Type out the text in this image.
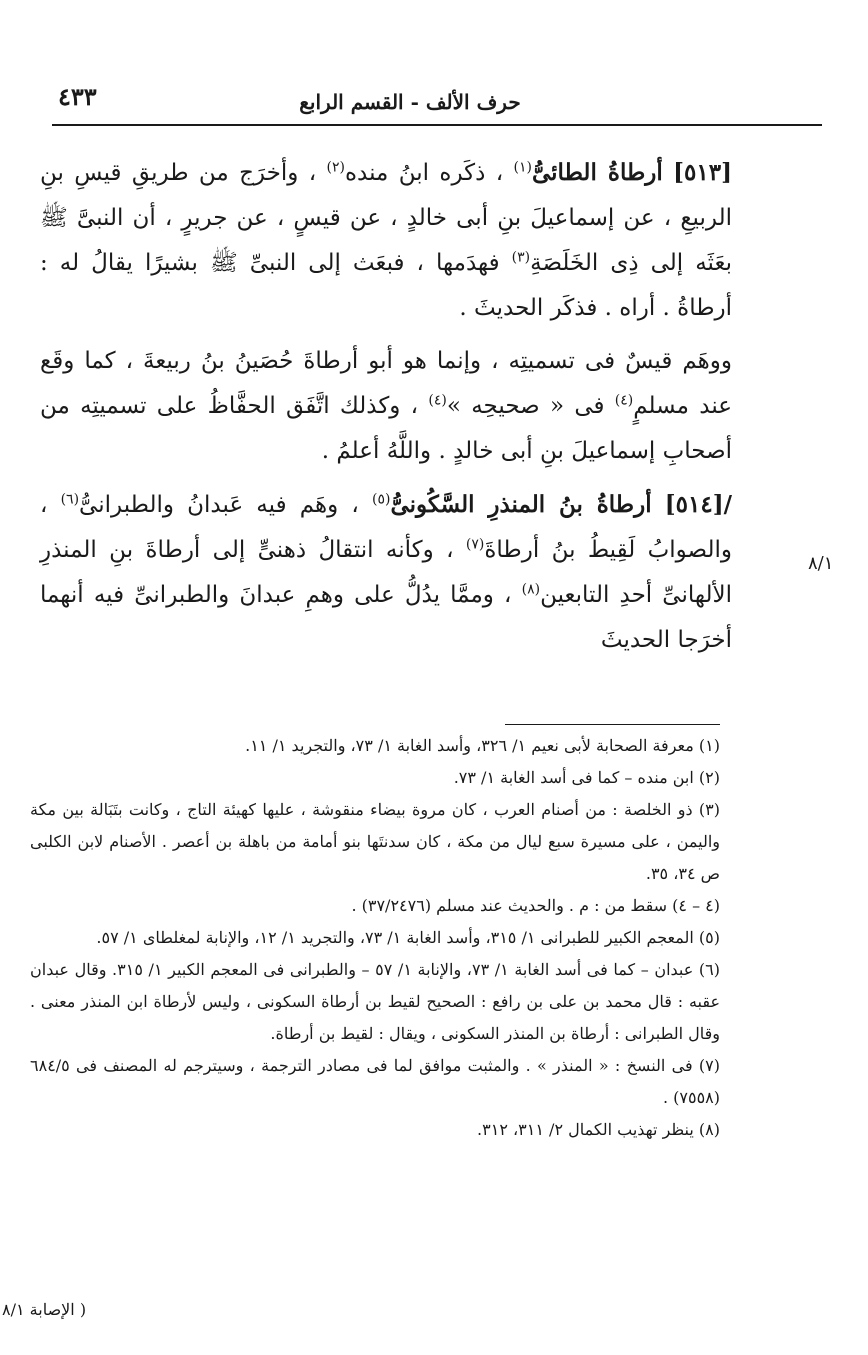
٤٣٣	حرف الألف - القسم الرابع

[٥١٣] أرطاةُ الطائىُّ$^{(١)}$ ، ذكَره ابنُ منده$^{(٢)}$ ، وأخرَج من طريقِ قيسِ بنِ الربيعِ ، عن إسماعيلَ بنِ أبى خالدٍ ، عن قيسٍ ، عن جريرٍ ، أن النبىَّ ﷺ بعَثَه إلى ذِى الخَلَصَةِ$^{(٣)}$ فهدَمها ، فبعَث إلى النبىِّ ﷺ بشيرًا يقالُ له : أرطاةُ . أراه . فذكَر الحديثَ .

ووهَم قيسٌ فى تسميتِه ، وإنما هو أبو أرطاةَ حُصَينُ بنُ ربيعةَ ، كما وقَع عند مسلمٍ$^{(٤)}$ فى « صحيحِه »$^{(٤)}$ ، وكذلك اتَّفَق الحفَّاظُ على تسميتِه من أصحابِ إسماعيلَ بنِ أبى خالدٍ . واللَّهُ أعلمُ .

/[٥١٤] أرطاةُ بنُ المنذرِ السَّكُونىُّ$^{(٥)}$ ، وهَم فيه عَبدانُ والطبرانىُّ$^{(٦)}$ ، والصوابُ لَقِيطُ بنُ أرطاةَ$^{(٧)}$ ، وكأنه انتقالُ ذهنىٍّ إلى أرطاةَ بنِ المنذرِ الألهانىِّ أحدِ التابعين$^{(٨)}$ ، وممَّا يدُلُّ على وهمِ عبدانَ والطبرانىِّ فيه أنهما أخرَجا الحديثَ

٨/١

(١) معرفة الصحابة لأبى نعيم ١/ ٣٢٦، وأسد الغابة ١/ ٧٣، والتجريد ١/ ١١.

(٢) ابن منده – كما فى أسد الغابة ١/ ٧٣.

(٣) ذو الخلصة : من أصنام العرب ، كان مروة بيضاء منقوشة ، عليها كهيئة التاج ، وكانت بتَبَالة بين مكة واليمن ، على مسيرة سبع ليال من مكة ، كان سدنتَها بنو أمامة من باهلة بن أعصر . الأصنام لابن الكلبى ص ٣٤، ٣٥.

(٤ – ٤) سقط من : م . والحديث عند مسلم (٣٧/٢٤٧٦) .

(٥) المعجم الكبير للطبرانى ١/ ٣١٥، وأسد الغابة ١/ ٧٣، والتجريد ١/ ١٢، والإنابة لمغلطاى ١/ ٥٧.

(٦) عبدان – كما فى أسد الغابة ١/ ٧٣، والإنابة ١/ ٥٧ – والطبرانى فى المعجم الكبير ١/ ٣١٥. وقال عبدان عقبه : قال محمد بن على بن رافع : الصحيح لقيط بن أرطاة السكونى ، وليس لأرطاة ابن المنذر معنى . وقال الطبرانى : أرطاة بن المنذر السكونى ، ويقال : لقيط بن أرطاة.

(٧) فى النسخ : « المنذر » . والمثبت موافق لما فى مصادر الترجمة ، وسيترجم له المصنف فى ٦٨٤/٥ (٧٥٥٨) .

(٨) ينظر تهذيب الكمال ٢/ ٣١١، ٣١٢.

( الإصابة ٨/١
